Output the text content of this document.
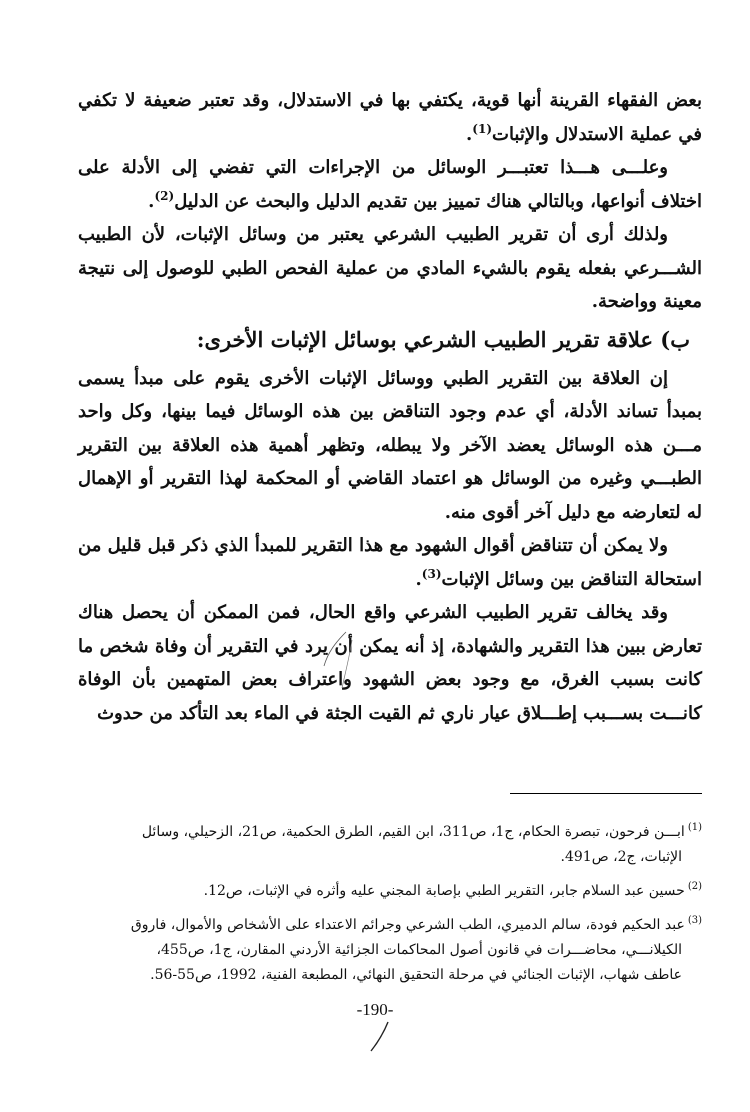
بعض الفقهاء القرينة أنها قوية، يكتفي بها في الاستدلال، وقد تعتبر ضعيفة لا تكفي في عملية الاستدلال والإثبات$^{(1)}$.

وعلـــى هـــذا تعتبـــر الوسائل من الإجراءات التي تفضي إلى الأدلة على اختلاف أنواعها، وبالتالي هناك تمييز بين تقديم الدليل والبحث عن الدليل$^{(2)}$.

ولذلك أرى أن تقرير الطبيب الشرعي يعتبر من وسائل الإثبات، لأن الطبيب الشـــرعي بفعله يقوم بالشيء المادي من عملية الفحص الطبي للوصول إلى نتيجة معينة وواضحة.

ب) علاقة تقرير الطبيب الشرعي بوسائل الإثبات الأخرى:

إن العلاقة بين التقرير الطبي ووسائل الإثبات الأخرى يقوم على مبدأ يسمى بمبدأ تساند الأدلة، أي عدم وجود التناقض بين هذه الوسائل فيما بينها، وكل واحد مـــن هذه الوسائل يعضد الآخر ولا يبطله، وتظهر أهمية هذه العلاقة بين التقرير الطبـــي وغيره من الوسائل هو اعتماد القاضي أو المحكمة لهذا التقرير أو الإهمال له لتعارضه مع دليل آخر أقوى منه.

ولا يمكن أن تتناقض أقوال الشهود مع هذا التقرير للمبدأ الذي ذكر قبل قليل من استحالة التناقض بين وسائل الإثبات$^{(3)}$.

وقد يخالف تقرير الطبيب الشرعي واقع الحال، فمن الممكن أن يحصل هناك تعارض ببين هذا التقرير والشهادة، إذ أنه يمكن أن يرد في التقرير أن وفاة شخص ما كانت بسبب الغرق، مع وجود بعض الشهود واعتراف بعض المتهمين بأن الوفاة كانـــت بســـبب إطـــلاق عيار ناري ثم القيت الجثة في الماء بعد التأكد من حدوث

$^{(1)}$ابـــن فرحون، تبصرة الحكام، ج1، ص311، ابن القيم، الطرق الحكمية، ص21، الزحيلي، وسائل
الإثبات، ج2، ص491.

$^{(2)}$حسين عبد السلام جابر، التقرير الطبي بإصابة المجني عليه وأثره في الإثبات، ص12.

$^{(3)}$عبد الحكيم فودة، سالم الدميري، الطب الشرعي وجرائم الاعتداء على الأشخاص والأموال، فاروق
الكيلانـــي، محاضـــرات في قانون أصول المحاكمات الجزائية الأردني المقارن، ج1، ص455،
عاطف شهاب، الإثبات الجنائي في مرحلة التحقيق النهائي، المطبعة الفنية، 1992، ص55-56.

-190-
